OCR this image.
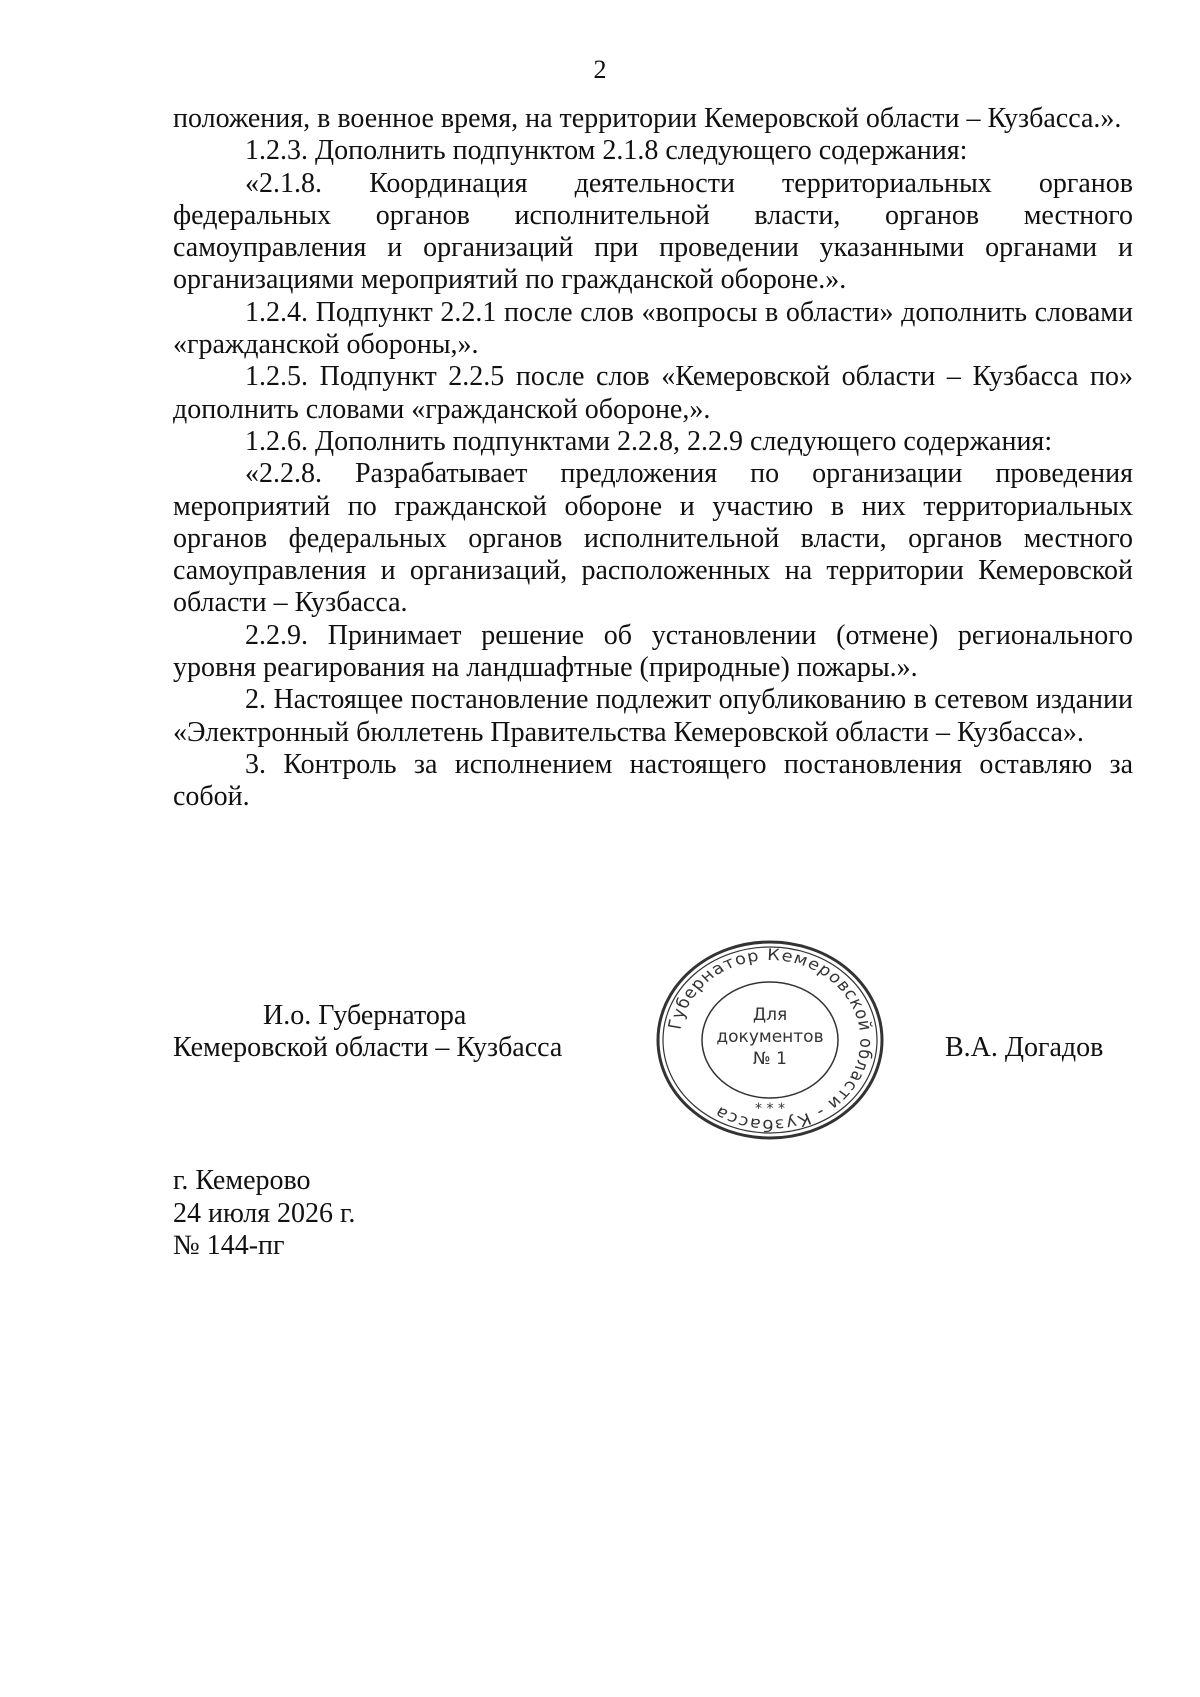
2

положения, в военное время, на территории Кемеровской области – Кузбасса.».

1.2.3. Дополнить подпунктом 2.1.8 следующего содержания:

«2.1.8. Координация деятельности территориальных органов федеральных органов исполнительной власти, органов местного самоуправления и организаций при проведении указанными органами и организациями мероприятий по гражданской обороне.».

1.2.4. Подпункт 2.2.1 после слов «вопросы в области» дополнить словами «гражданской обороны,».

1.2.5. Подпункт 2.2.5 после слов «Кемеровской области – Кузбасса по» дополнить словами «гражданской обороне,».

1.2.6. Дополнить подпунктами 2.2.8, 2.2.9 следующего содержания:

«2.2.8. Разрабатывает предложения по организации проведения мероприятий по гражданской обороне и участию в них территориальных органов федеральных органов исполнительной власти, органов местного самоуправления и организаций, расположенных на территории Кемеровской области – Кузбасса.

2.2.9. Принимает решение об установлении (отмене) регионального уровня реагирования на ландшафтные (природные) пожары.».

2. Настоящее постановление подлежит опубликованию в сетевом издании «Электронный бюллетень Правительства Кемеровской области – Кузбасса».

3. Контроль за исполнением настоящего постановления оставляю за собой.

И.о. Губернатора
Кемеровской области – Кузбасса
Губернатор Кемеровской области - Кузбасса
Для
документов
№ 1
* * *
В.А. Догадов
г. Кемерово
24 июля 2026 г.
№ 144-пг
